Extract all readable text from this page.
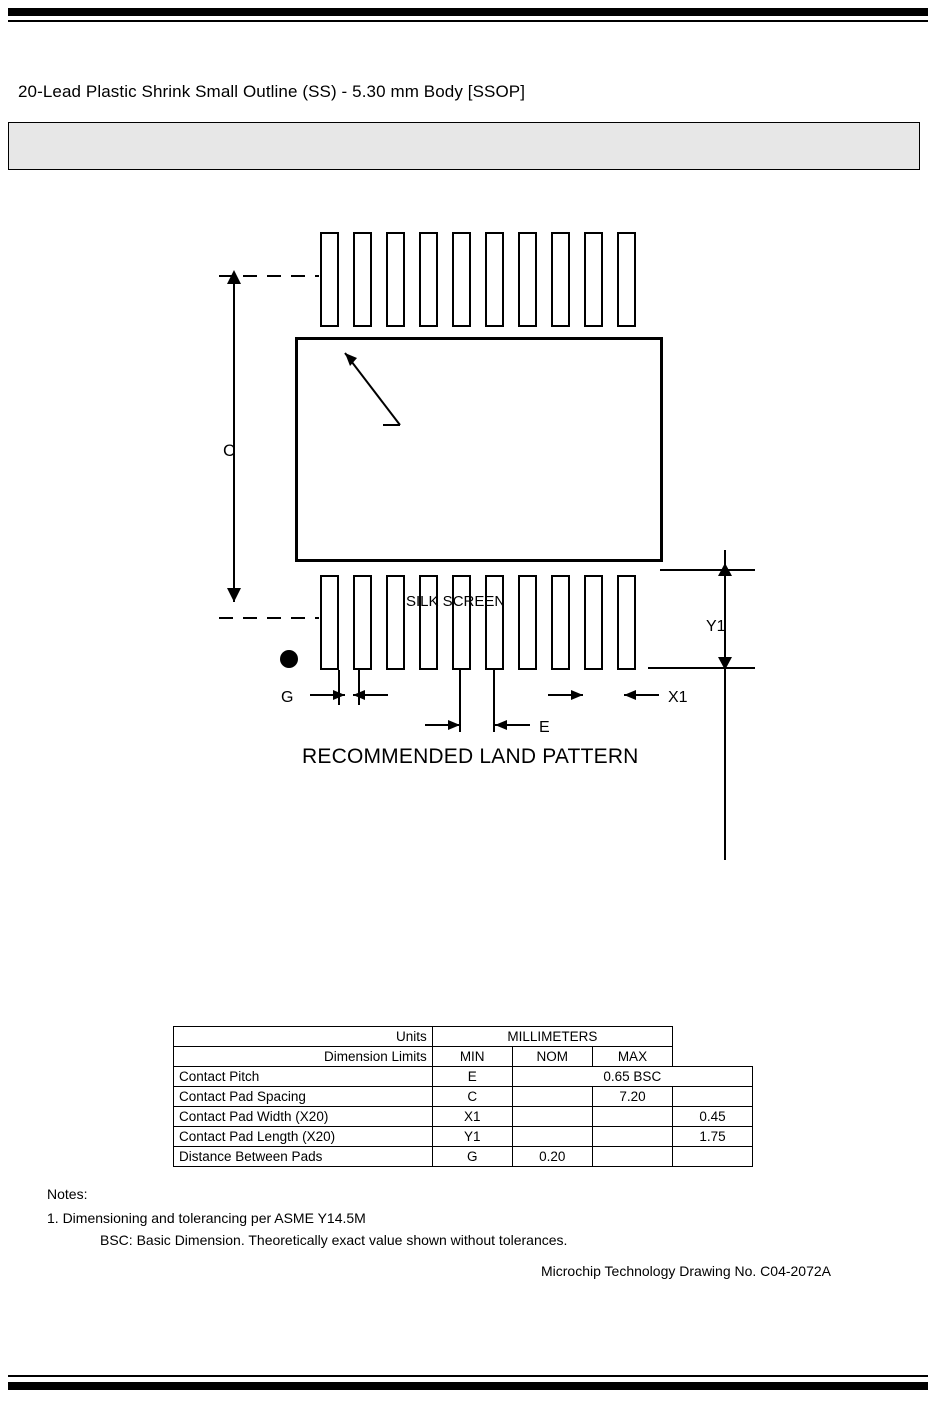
20-Lead Plastic Shrink Small Outline (SS) - 5.30 mm Body [SSOP]
C
SILK SCREEN
Y1
G
E
X1
RECOMMENDED LAND PATTERN
Units	MILLIMETERS			
Dimension Limits	MIN	NOM	MAX	
Contact Pitch	E	0.65 BSC		
Contact Pad Spacing	C		7.20	
Contact Pad Width (X20)	X1			0.45
Contact Pad Length (X20)	Y1			1.75
Distance Between Pads	G	0.20		
Notes:
1. Dimensioning and tolerancing per ASME Y14.5M
BSC: Basic Dimension. Theoretically exact value shown without tolerances.
Microchip Technology Drawing No. C04-2072A
